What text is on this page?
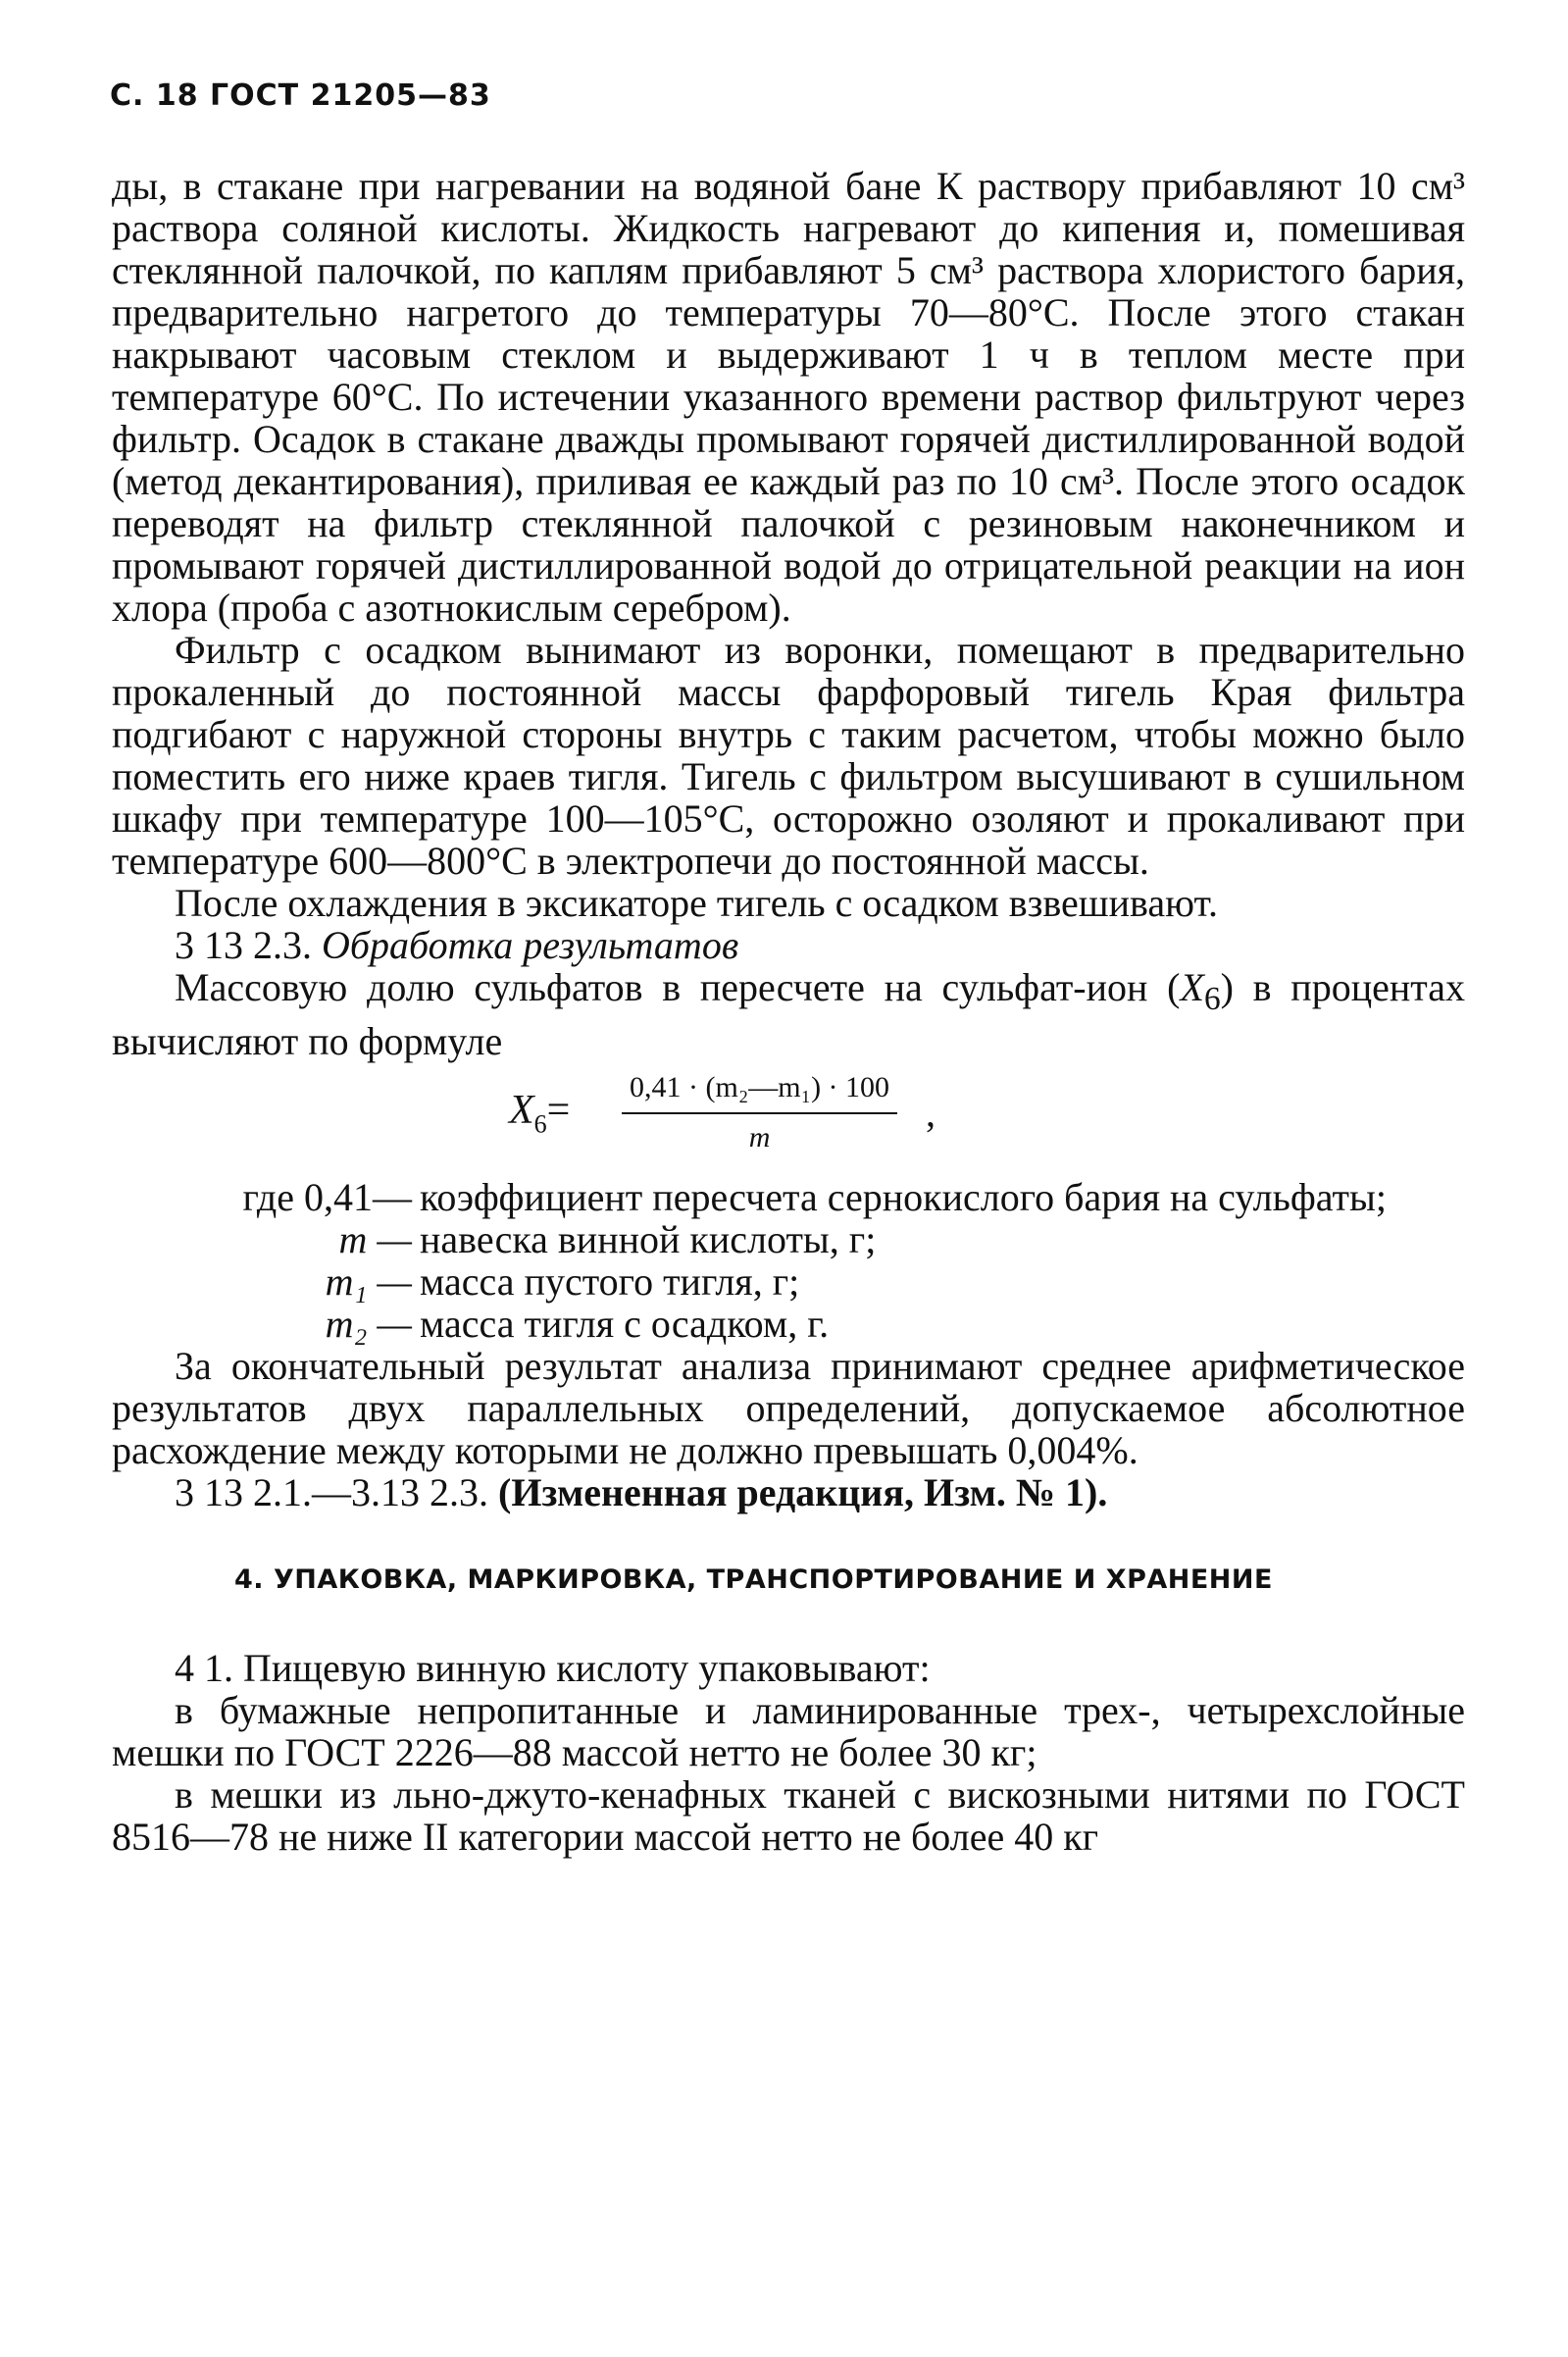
С. 18 ГОСТ 21205—83

ды, в стакане при нагревании на водяной бане К раствору прибавляют 10 см³ раствора соляной кислоты. Жидкость нагревают до кипения и, помешивая стеклянной палочкой, по каплям прибавляют 5 см³ раствора хлористого бария, предварительно нагретого до температуры 70—80°С. После этого стакан накрывают часовым стеклом и выдерживают 1 ч в теплом месте при температуре 60°С. По истечении указанного времени раствор фильтруют через фильтр. Осадок в стакане дважды промывают горячей дистиллированной водой (метод декантирования), приливая ее каждый раз по 10 см³. После этого осадок переводят на фильтр стеклянной палочкой с резиновым наконечником и промывают горячей дистиллированной водой до отрицательной реакции на ион хлора (проба с азотнокислым серебром).

Фильтр с осадком вынимают из воронки, помещают в предварительно прокаленный до постоянной массы фарфоровый тигель Края фильтра подгибают с наружной стороны внутрь с таким расчетом, чтобы можно было поместить его ниже краев тигля. Тигель с фильтром высушивают в сушильном шкафу при температуре 100—105°С, осторожно озоляют и прокаливают при температуре 600—800°С в электропечи до постоянной массы.

После охлаждения в эксикаторе тигель с осадком взвешивают.

3 13 2.3. Обработка результатов

Массовую долю сульфатов в пересчете на сульфат-ион $(X_6)$ в процентах вычисляют по формуле

$X_6= \frac{\text{0,41 · (m₂—m₁) · 100}}{m}$ ,
где 0,41— коэффициент пересчета сернокислого бария на сульфаты;
m — навеска винной кислоты, г;
m₁ — масса пустого тигля, г;
m₂ — масса тигля с осадком, г.

За окончательный результат анализа принимают среднее арифметическое результатов двух параллельных определений, допускаемое абсолютное расхождение между которыми не должно превышать 0,004%.

3 13 2.1.—3.13 2.3. (Измененная редакция, Изм. № 1).

4. УПАКОВКА, МАРКИРОВКА, ТРАНСПОРТИРОВАНИЕ И ХРАНЕНИЕ

4 1. Пищевую винную кислоту упаковывают:

в бумажные непропитанные и ламинированные трех-, четырехслойные мешки по ГОСТ 2226—88 массой нетто не более 30 кг;

в мешки из льно-джуто-кенафных тканей с вискозными нитями по ГОСТ 8516—78 не ниже II категории массой нетто не более 40 кг
